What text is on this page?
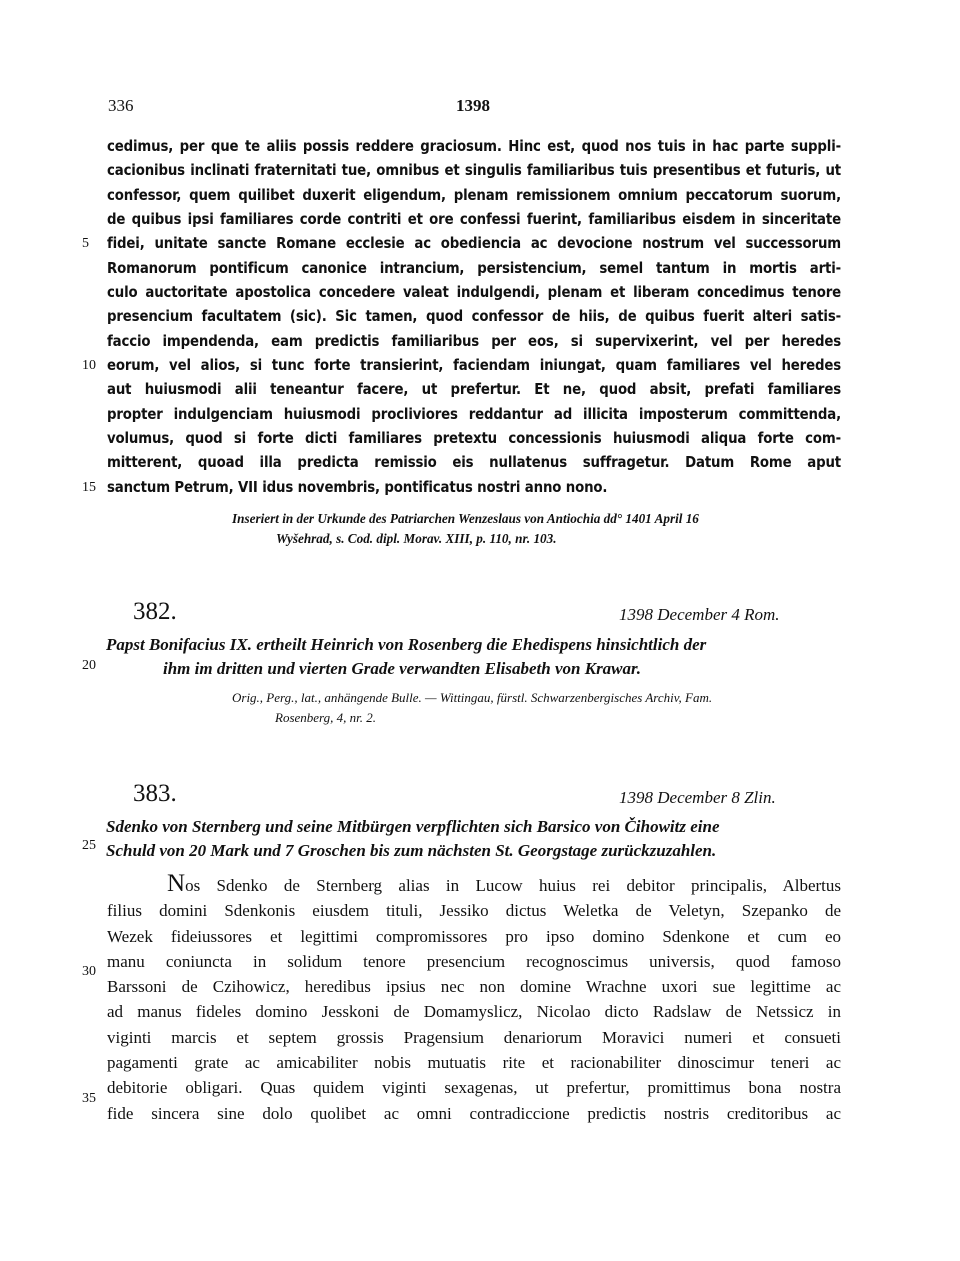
336	1398
cedimus, per que te aliis possis reddere graciosum. Hinc est, quod nos tuis in hac parte suppli-
cacionibus inclinati fraternitati tue, omnibus et singulis familiaribus tuis presentibus et futuris, ut
confessor, quem quilibet duxerit eligendum, plenam remissionem omnium peccatorum suorum,
de quibus ipsi familiares corde contriti et ore confessi fuerint, familiaribus eisdem in sinceritate
fidei, unitate sancte Romane ecclesie ac obediencia ac devocione nostrum vel successorum
Romanorum pontificum canonice intrancium, persistencium, semel tantum in mortis arti-
culo auctoritate apostolica concedere valeat indulgendi, plenam et liberam concedimus tenore
presencium facultatem (sic). Sic tamen, quod confessor de hiis, de quibus fuerit alteri satis-
faccio impendenda, eam predictis familiaribus per eos, si supervixerint, vel per heredes
eorum, vel alios, si tunc forte transierint, faciendam iniungat, quam familiares vel heredes
aut huiusmodi alii teneantur facere, ut prefertur. Et ne, quod absit, prefati familiares
propter indulgenciam huiusmodi procliviores reddantur ad illicita imposterum committenda,
volumus, quod si forte dicti familiares pretextu concessionis huiusmodi aliqua forte com-
mitterent, quoad illa predicta remissio eis nullatenus suffragetur. Datum Rome aput
sanctum Petrum, VII idus novembris, pontificatus nostri anno nono.
5
10
15
20
25
30
35
Inseriert in der Urkunde des Patriarchen Wenzeslaus von Antiochia dd° 1401 April 16
Wyšehrad, s. Cod. dipl. Morav. XIII, p. 110, nr. 103.
382.	1398 December 4 Rom.
Papst Bonifacius IX. ertheilt Heinrich von Rosenberg die Ehedispens hinsichtlich der
ihm im dritten und vierten Grade verwandten Elisabeth von Krawar.
Orig., Perg., lat., anhängende Bulle. — Wittingau, fürstl. Schwarzenbergisches Archiv, Fam.
Rosenberg, 4, nr. 2.
383.	1398 December 8 Zlin.
Sdenko von Sternberg und seine Mitbürgen verpflichten sich Barsico von Čihowitz eine
Schuld von 20 Mark und 7 Groschen bis zum nächsten St. Georgstage zurückzuzahlen.
Nos Sdenko de Sternberg alias in Lucow huius rei debitor principalis, Albertus
filius domini Sdenkonis eiusdem tituli, Jessiko dictus Weletka de Veletyn, Szepanko de
Wezek fideiussores et legittimi compromissores pro ipso domino Sdenkone et cum eo
manu coniuncta in solidum tenore presencium recognoscimus universis, quod famoso
Barssoni de Czihowicz, heredibus ipsius nec non domine Wrachne uxori sue legittime ac
ad manus fideles domino Jesskoni de Domamyslicz, Nicolao dicto Radslaw de Netssicz in
viginti marcis et septem grossis Pragensium denariorum Moravici numeri et consueti
pagamenti grate ac amicabiliter nobis mutuatis rite et racionabiliter dinoscimur teneri ac
debitorie obligari. Quas quidem viginti sexagenas, ut prefertur, promittimus bona nostra
fide sincera sine dolo quolibet ac omni contradiccione predictis nostris creditoribus ac
